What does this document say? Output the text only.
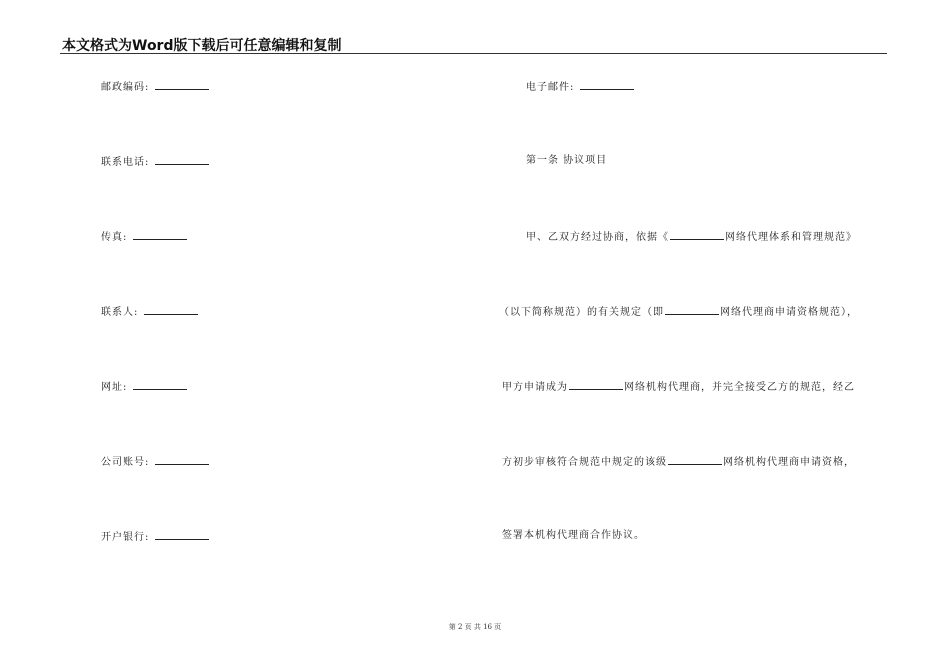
本文格式为Word版下载后可任意编辑和复制
邮政编码:
联系电话:
传真:
联系人:
网址:
公司账号:
开户银行:
电子邮件:
第一条 协议项目
甲、乙双方经过协商，依据《	网络代理体系和管理规范》
（以下简称规范）的有关规定（即	网络代理商申请资格规范），
甲方申请成为	网络机构代理商，并完全接受乙方的规范，经乙
方初步审核符合规范中规定的该级	网络机构代理商申请资格，
签署本机构代理商合作协议。
第 2 页 共 16 页
